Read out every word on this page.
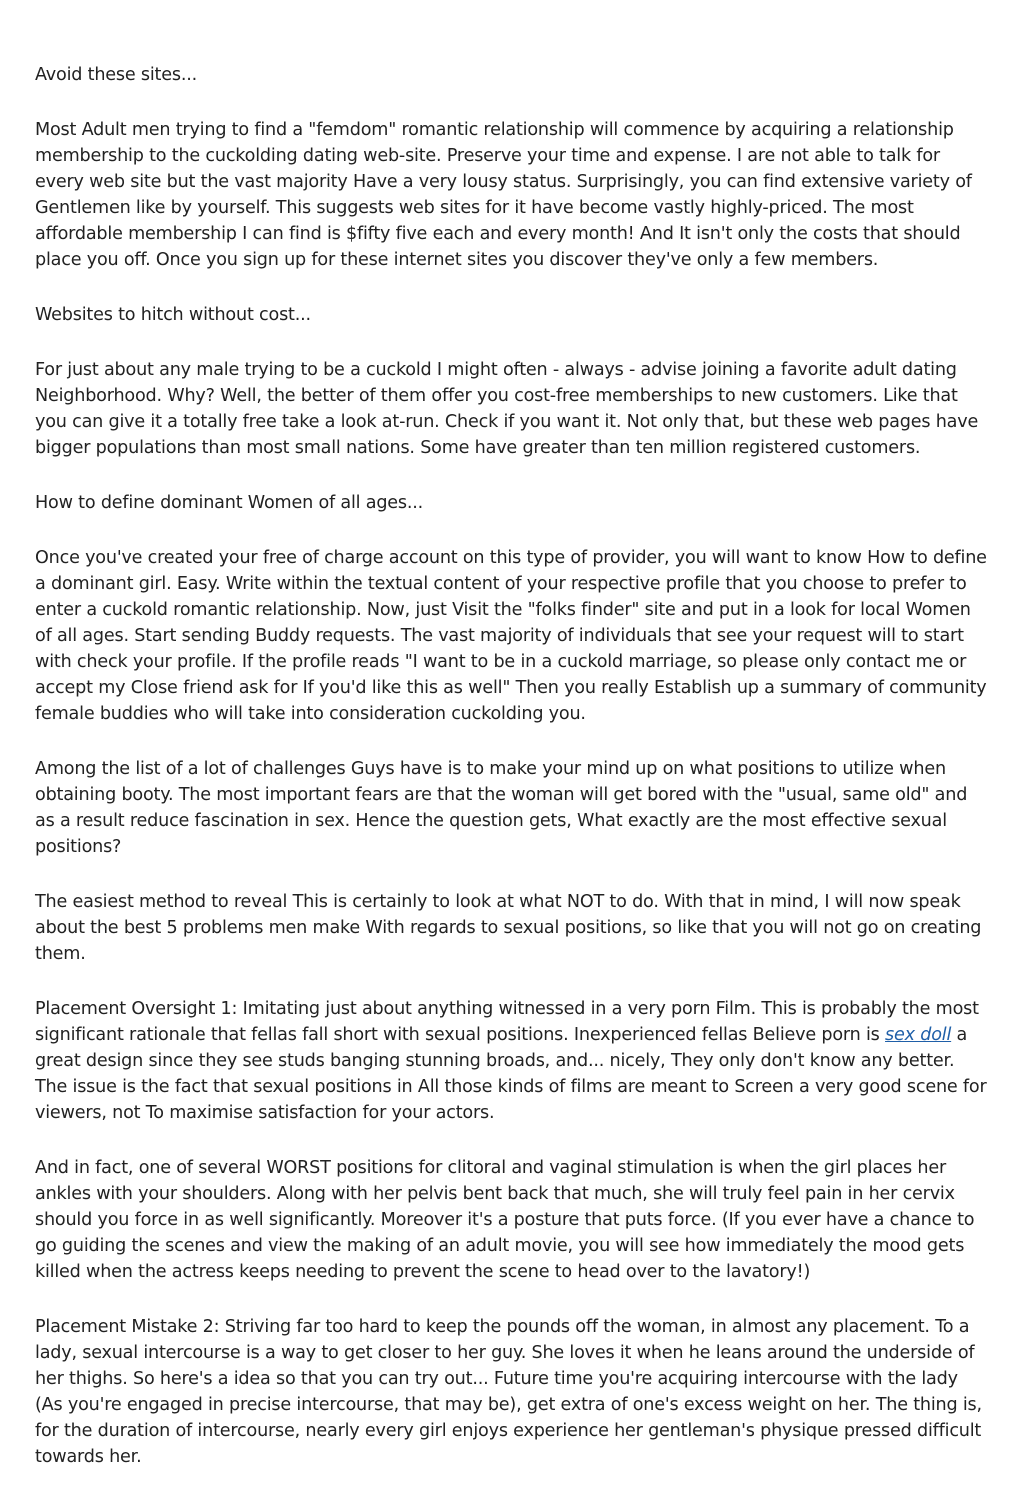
Avoid these sites...

Most Adult men trying to find a "femdom" romantic relationship will commence by acquiring a relationship membership to the cuckolding dating web-site. Preserve your time and expense. I are not able to talk for every web site but the vast majority Have a very lousy status. Surprisingly, you can find extensive variety of Gentlemen like by yourself. This suggests web sites for it have become vastly highly-priced. The most affordable membership I can find is $fifty five each and every month! And It isn't only the costs that should place you off. Once you sign up for these internet sites you discover they've only a few members.

Websites to hitch without cost...

For just about any male trying to be a cuckold I might often - always - advise joining a favorite adult dating Neighborhood. Why? Well, the better of them offer you cost-free memberships to new customers. Like that you can give it a totally free take a look at-run. Check if you want it. Not only that, but these web pages have bigger populations than most small nations. Some have greater than ten million registered customers.

How to define dominant Women of all ages...

Once you've created your free of charge account on this type of provider, you will want to know How to define a dominant girl. Easy. Write within the textual content of your respective profile that you choose to prefer to enter a cuckold romantic relationship. Now, just Visit the "folks finder" site and put in a look for local Women of all ages. Start sending Buddy requests. The vast majority of individuals that see your request will to start with check your profile. If the profile reads "I want to be in a cuckold marriage, so please only contact me or accept my Close friend ask for If you'd like this as well" Then you really Establish up a summary of community female buddies who will take into consideration cuckolding you.

Among the list of a lot of challenges Guys have is to make your mind up on what positions to utilize when obtaining booty. The most important fears are that the woman will get bored with the "usual, same old" and as a result reduce fascination in sex. Hence the question gets, What exactly are the most effective sexual positions?

The easiest method to reveal This is certainly to look at what NOT to do. With that in mind, I will now speak about the best 5 problems men make With regards to sexual positions, so like that you will not go on creating them.

Placement Oversight 1: Imitating just about anything witnessed in a very porn Film. This is probably the most significant rationale that fellas fall short with sexual positions. Inexperienced fellas Believe porn is sex doll a great design since they see studs banging stunning broads, and... nicely, They only don't know any better. The issue is the fact that sexual positions in All those kinds of films are meant to Screen a very good scene for viewers, not To maximise satisfaction for your actors.

And in fact, one of several WORST positions for clitoral and vaginal stimulation is when the girl places her ankles with your shoulders. Along with her pelvis bent back that much, she will truly feel pain in her cervix should you force in as well significantly. Moreover it's a posture that puts force. (If you ever have a chance to go guiding the scenes and view the making of an adult movie, you will see how immediately the mood gets killed when the actress keeps needing to prevent the scene to head over to the lavatory!)

Placement Mistake 2: Striving far too hard to keep the pounds off the woman, in almost any placement. To a lady, sexual intercourse is a way to get closer to her guy. She loves it when he leans around the underside of her thighs. So here's a idea so that you can try out... Future time you're acquiring intercourse with the lady (As you're engaged in precise intercourse, that may be), get extra of one's excess weight on her. The thing is, for the duration of intercourse, nearly every girl enjoys experience her gentleman's physique pressed difficult towards her.
